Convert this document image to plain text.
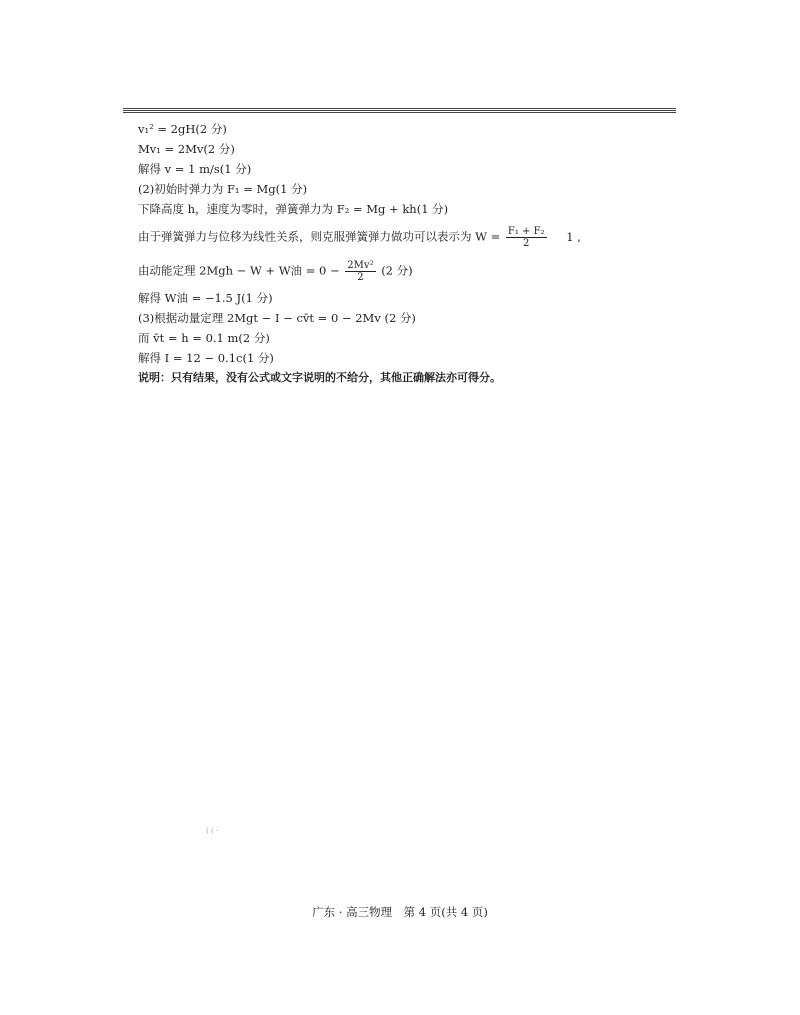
v₁² = 2gH(2 分)
Mv₁ = 2Mv(2 分)
解得 v = 1 m/s(1 分)
(2)初始时弹力为 F₁ = Mg(1 分)
下降高度 h，速度为零时，弹簧弹力为 F₂ = Mg + kh(1 分)
由于弹簧弹力与位移为线性关系，则克服弹簧弹力做功可以表示为 $W = \frac{\text{F₁ + F₂}}{2} 1$ ,
由动能定理 2Mgh − W + W油 = $0 - \frac{\text{2Mv²}}{2} (2$ 分)
解得 W油 = −1.5 J(1 分)
(3)根据动量定理 2Mgt − I − cv̄t = 0 − 2Mv (2 分)
而 v̄t = h = 0.1 m(2 分)
解得 I = 12 − 0.1c(1 分)
说明：只有结果，没有公式或文字说明的不给分，其他正确解法亦可得分。
( ( ·
广东 · 高三物理　第 4 页(共 4 页)
